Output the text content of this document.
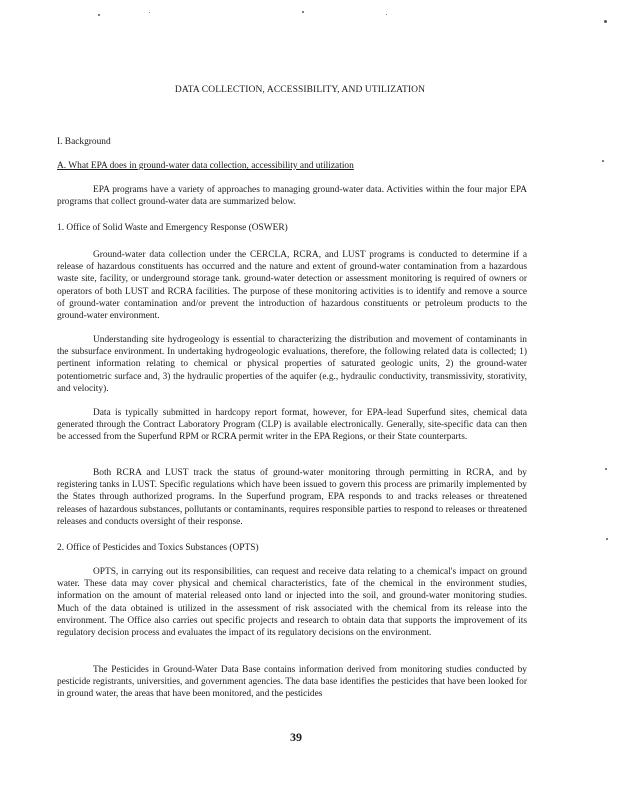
DATA COLLECTION, ACCESSIBILITY, AND UTILIZATION
I. Background
A. What EPA does in ground-water data collection, accessibility and utilization
EPA programs have a variety of approaches to managing ground-water data. Activities within the four major EPA programs that collect ground-water data are summarized below.
1. Office of Solid Waste and Emergency Response (OSWER)
Ground-water data collection under the CERCLA, RCRA, and LUST programs is conducted to determine if a release of hazardous constituents has occurred and the nature and extent of ground-water contamination from a hazardous waste site, facility, or underground storage tank. ground-water detection or assessment monitoring is required of owners or operators of both LUST and RCRA facilities. The purpose of these monitoring activities is to identify and remove a source of ground-water contamination and/or prevent the introduction of hazardous constituents or petroleum products to the ground-water environment.
Understanding site hydrogeology is essential to characterizing the distribution and movement of contaminants in the subsurface environment. In undertaking hydrogeologic evaluations, therefore, the following related data is collected; 1) pertinent information relating to chemical or physical properties of saturated geologic units, 2) the ground-water potentiometric surface and, 3) the hydraulic properties of the aquifer (e.g., hydraulic conductivity, transmissivity, storativity, and velocity).
Data is typically submitted in hardcopy report format, however, for EPA-lead Superfund sites, chemical data generated through the Contract Laboratory Program (CLP) is available electronically. Generally, site-specific data can then be accessed from the Superfund RPM or RCRA permit writer in the EPA Regions, or their State counterparts.
Both RCRA and LUST track the status of ground-water monitoring through permitting in RCRA, and by registering tanks in LUST. Specific regulations which have been issued to govern this process are primarily implemented by the States through authorized programs. In the Superfund program, EPA responds to and tracks releases or threatened releases of hazardous substances, pollutants or contaminants, requires responsible parties to respond to releases or threatened releases and conducts oversight of their response.
2. Office of Pesticides and Toxics Substances (OPTS)
OPTS, in carrying out its responsibilities, can request and receive data relating to a chemical's impact on ground water. These data may cover physical and chemical characteristics, fate of the chemical in the environment studies, information on the amount of material released onto land or injected into the soil, and ground-water monitoring studies. Much of the data obtained is utilized in the assessment of risk associated with the chemical from its release into the environment. The Office also carries out specific projects and research to obtain data that supports the improvement of its regulatory decision process and evaluates the impact of its regulatory decisions on the environment.
The Pesticides in Ground-Water Data Base contains information derived from monitoring studies conducted by pesticide registrants, universities, and government agencies. The data base identifies the pesticides that have been looked for in ground water, the areas that have been monitored, and the pesticides
39
